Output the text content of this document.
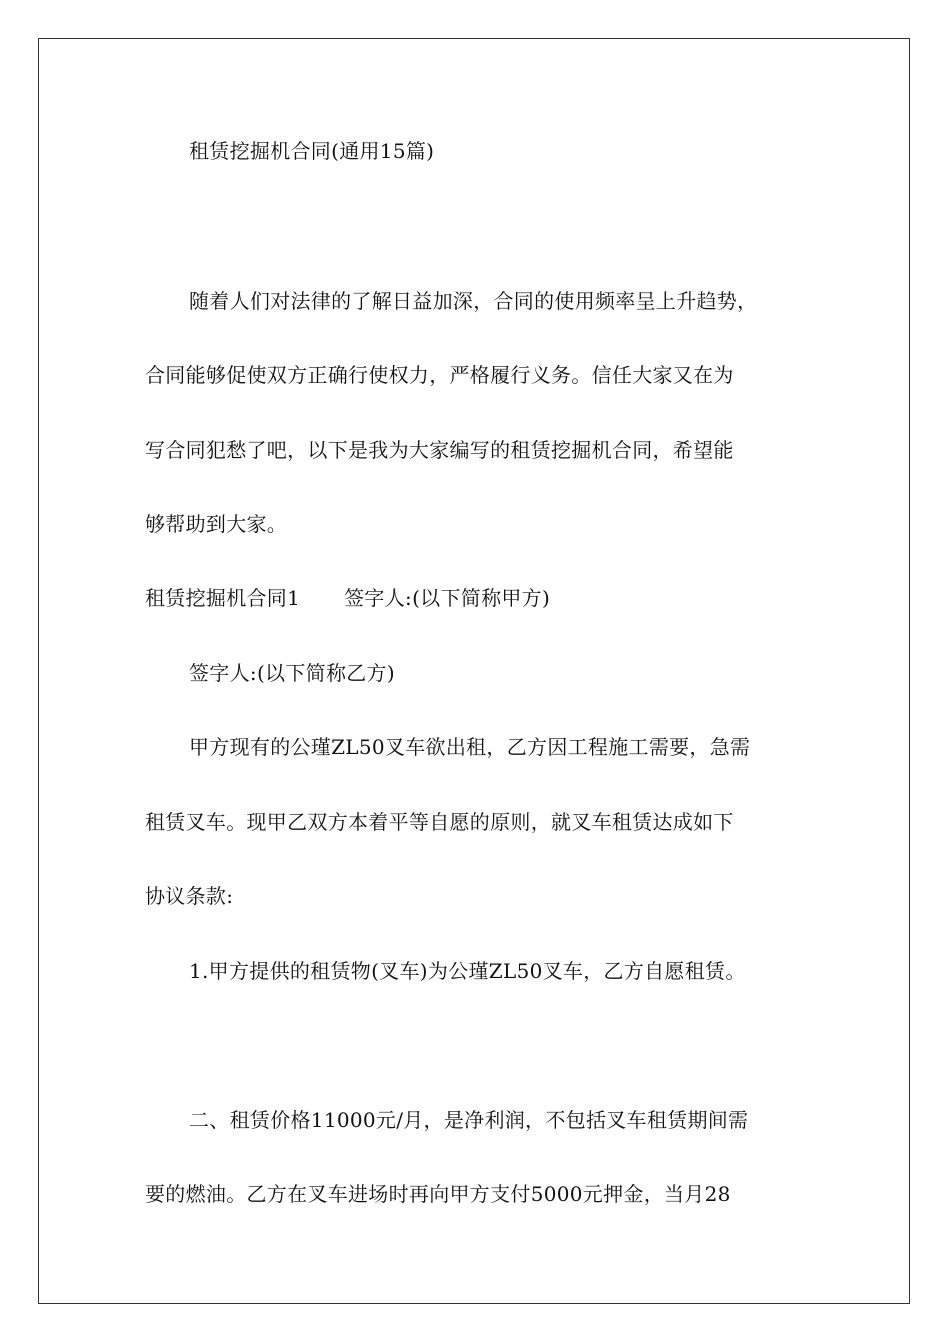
租赁挖掘机合同(通用15篇)
随着人们对法律的了解日益加深，合同的使用频率呈上升趋势，
合同能够促使双方正确行使权力，严格履行义务。信任大家又在为
写合同犯愁了吧，以下是我为大家编写的租赁挖掘机合同，希望能
够帮助到大家。
租赁挖掘机合同1 签字人:(以下简称甲方)
签字人:(以下简称乙方)
甲方现有的公瑾ZL50叉车欲出租，乙方因工程施工需要，急需
租赁叉车。现甲乙双方本着平等自愿的原则，就叉车租赁达成如下
协议条款:
1.甲方提供的租赁物(叉车)为公瑾ZL50叉车，乙方自愿租赁。
二、租赁价格11000元/月，是净利润，不包括叉车租赁期间需
要的燃油。乙方在叉车进场时再向甲方支付5000元押金，当月28
